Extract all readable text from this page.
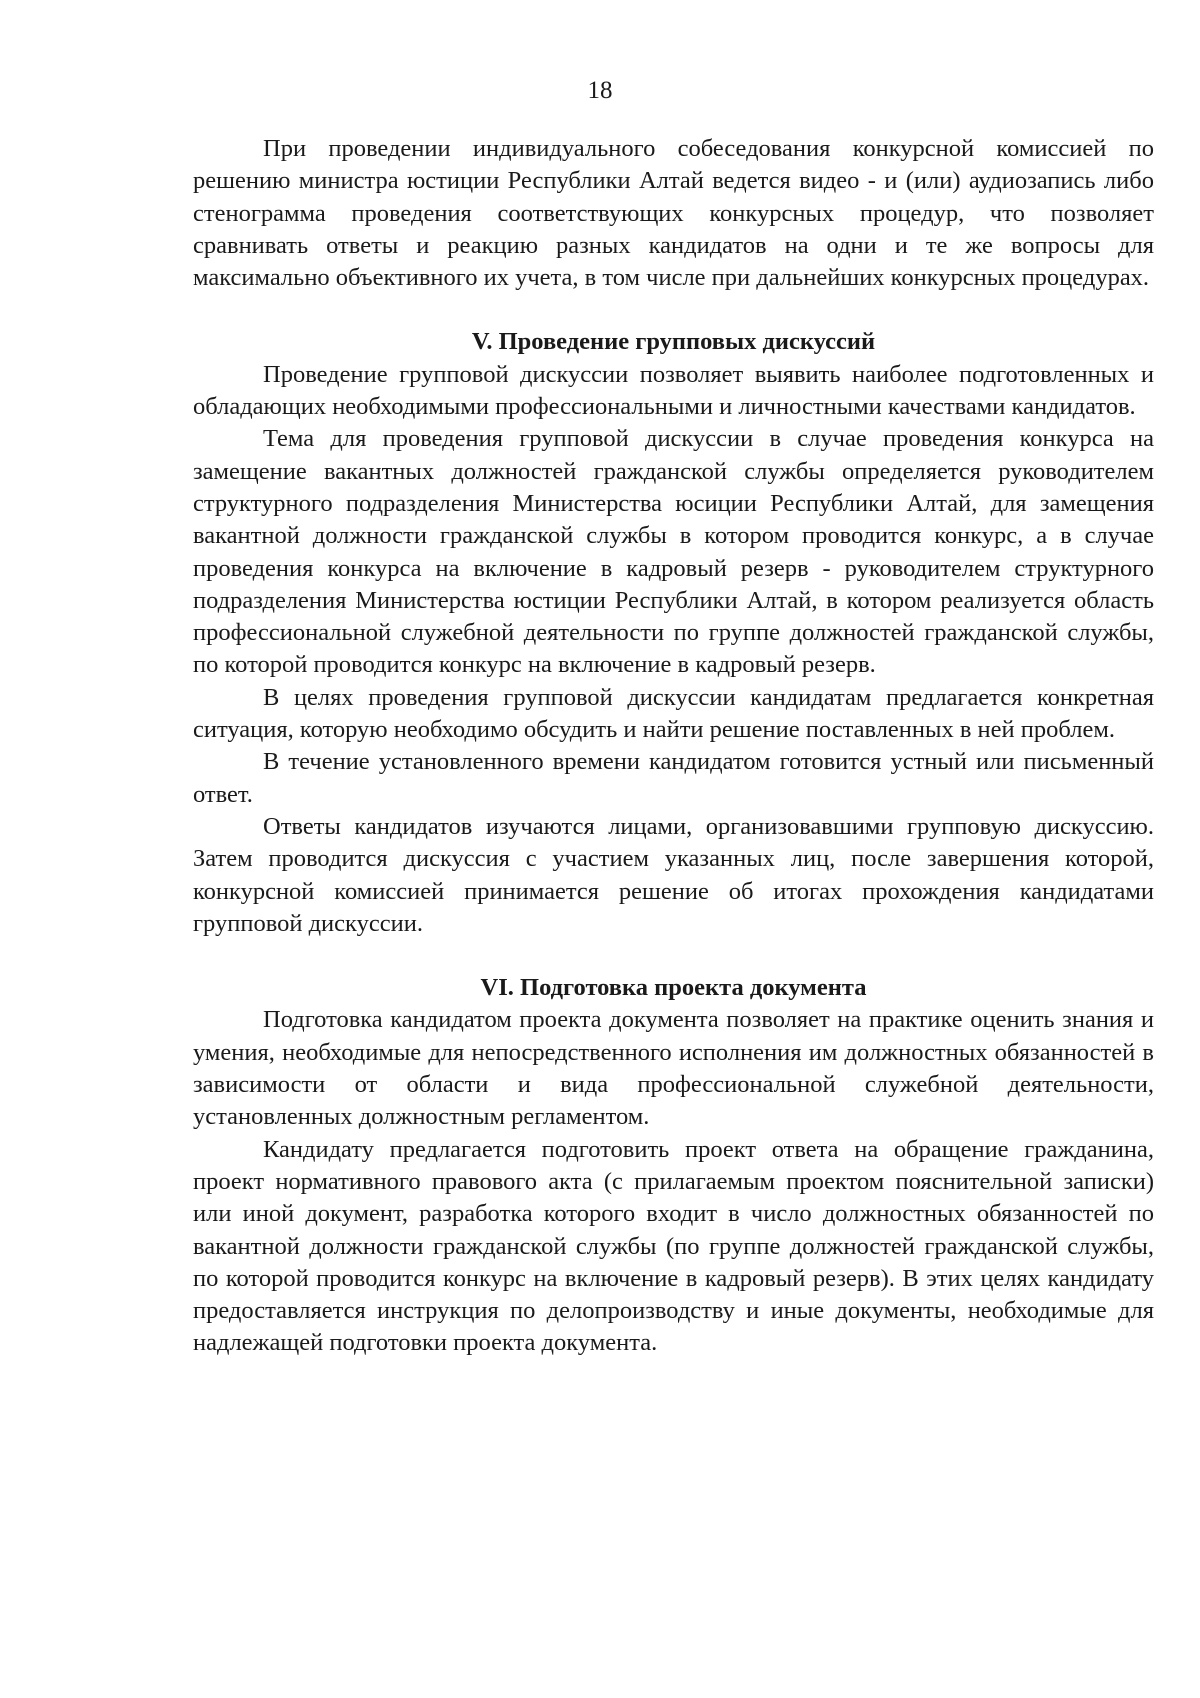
18

При проведении индивидуального собеседования конкурсной комиссией по решению министра юстиции Республики Алтай ведется видео - и (или) аудиозапись либо стенограмма проведения соответствующих конкурсных процедур, что позволяет сравнивать ответы и реакцию разных кандидатов на одни и те же вопросы для максимально объективного их учета, в том числе при дальнейших конкурсных процедурах.

V. Проведение групповых дискуссий

Проведение групповой дискуссии позволяет выявить наиболее подготовленных и обладающих необходимыми профессиональными и личностными качествами кандидатов.

Тема для проведения групповой дискуссии в случае проведения конкурса на замещение вакантных должностей гражданской службы определяется руководителем структурного подразделения Министерства юсиции Республики Алтай, для замещения вакантной должности гражданской службы в котором проводится конкурс, а в случае проведения конкурса на включение в кадровый резерв - руководителем структурного подразделения Министерства юстиции Республики Алтай, в котором реализуется область профессиональной служебной деятельности по группе должностей гражданской службы, по которой проводится конкурс на включение в кадровый резерв.

В целях проведения групповой дискуссии кандидатам предлагается конкретная ситуация, которую необходимо обсудить и найти решение поставленных в ней проблем.

В течение установленного времени кандидатом готовится устный или письменный ответ.

Ответы кандидатов изучаются лицами, организовавшими групповую дискуссию. Затем проводится дискуссия с участием указанных лиц, после завершения которой, конкурсной комиссией принимается решение об итогах прохождения кандидатами групповой дискуссии.

VI. Подготовка проекта документа

Подготовка кандидатом проекта документа позволяет на практике оценить знания и умения, необходимые для непосредственного исполнения им должностных обязанностей в зависимости от области и вида профессиональной служебной деятельности, установленных должностным регламентом.

Кандидату предлагается подготовить проект ответа на обращение гражданина, проект нормативного правового акта (с прилагаемым проектом пояснительной записки) или иной документ, разработка которого входит в число должностных обязанностей по вакантной должности гражданской службы (по группе должностей гражданской службы, по которой проводится конкурс на включение в кадровый резерв). В этих целях кандидату предоставляется инструкция по делопроизводству и иные документы, необходимые для надлежащей подготовки проекта документа.
